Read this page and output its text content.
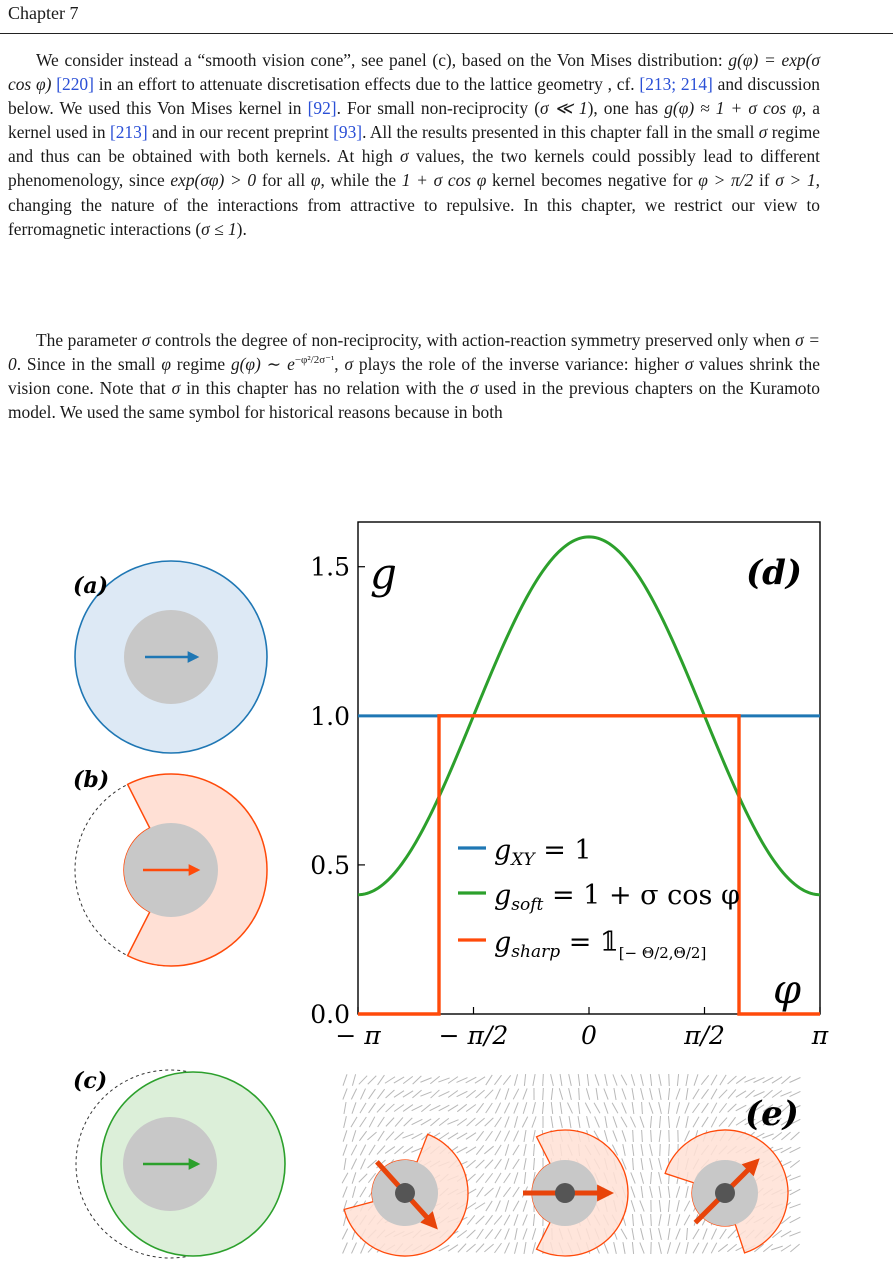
Chapter 7

We consider instead a “smooth vision cone”, see panel (c), based on the Von Mises distribution: g(φ) = exp(σ cos φ) [220] in an effort to attenuate discretisation effects due to the lattice geometry , cf. [213; 214] and discussion below. We used this Von Mises kernel in [92]. For small non-reciprocity (σ ≪ 1), one has g(φ) ≈ 1 + σ cos φ, a kernel used in [213] and in our recent preprint [93]. All the results presented in this chapter fall in the small σ regime and thus can be obtained with both kernels. At high σ values, the two kernels could possibly lead to different phenomenology, since exp(σφ) > 0 for all φ, while the 1 + σ cos φ kernel becomes negative for φ > π/2 if σ > 1, changing the nature of the interactions from attractive to repulsive. In this chapter, we restrict our view to ferromagnetic interactions (σ ≤ 1).

The parameter σ controls the degree of non-reciprocity, with action-reaction symmetry preserved only when σ = 0. Since in the small φ regime g(φ) ∼ $e^{-\varphi^2/2\sigma^{-1}}$, σ plays the role of the inverse variance: higher σ values shrink the vision cone. Note that σ in this chapter has no relation with the σ used in the previous chapters on the Kuramoto model. We used the same symbol for historical reasons because in both

(a)
(b)
(c)
− π − π/2	0	π/2	π
0.0
0.5
1.0
1.5 g	(d)
φ
$g_{XY} = 1$
$g_{soft} = 1 + \sigma$ cos φ
$g_{sharp}$ = $𝟙_{[- \Theta/2,\Theta/2]}$
(e)
